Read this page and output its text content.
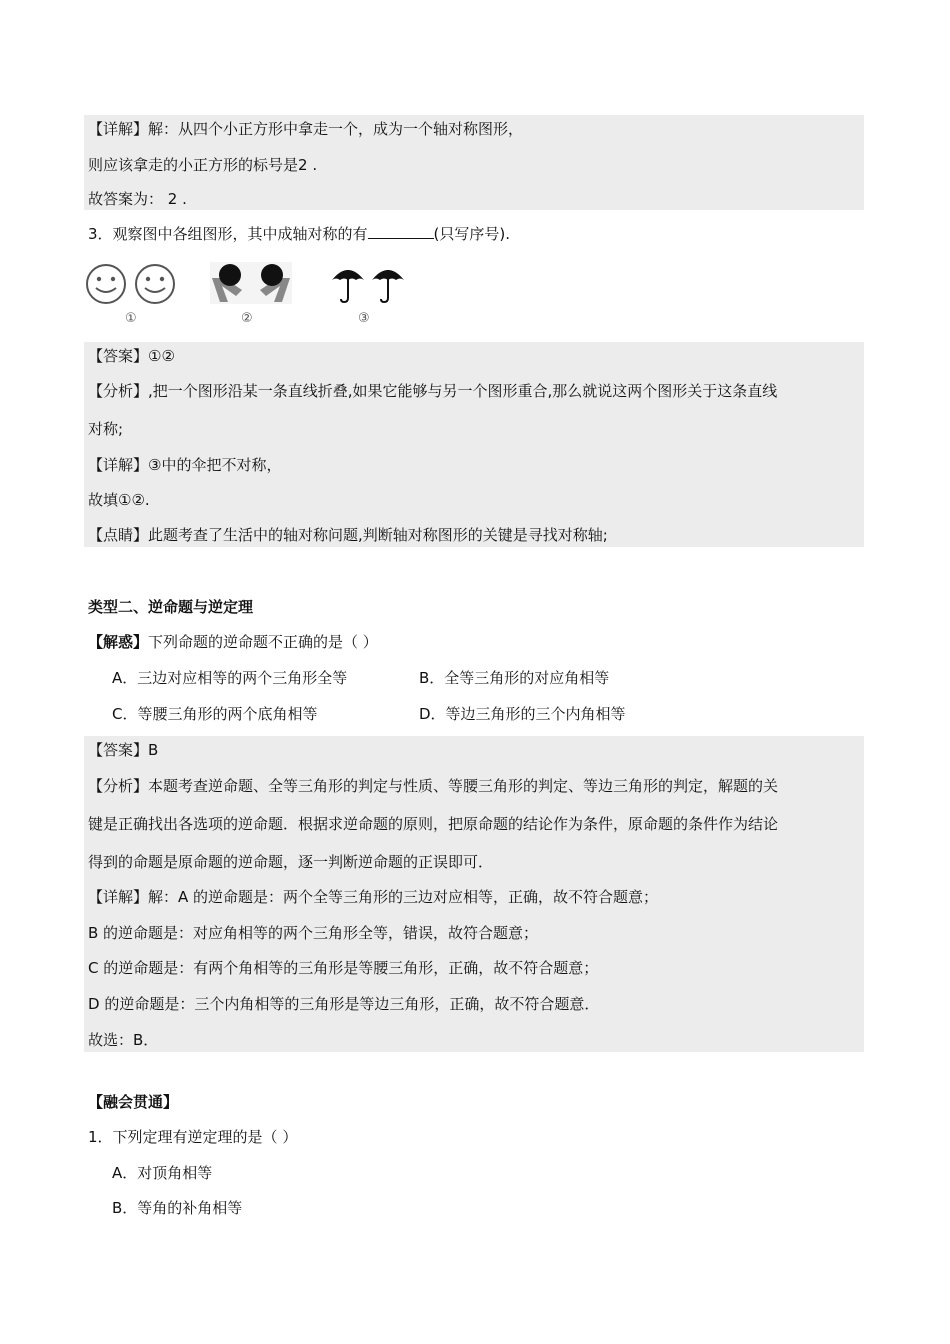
【详解】解：从四个小正方形中拿走一个，成为一个轴对称图形，
则应该拿走的小正方形的标号是2 .
故答案为： 2 .
3．观察图中各组图形，其中成轴对称的有	(只写序号).
①	②	③
【答案】①②
【分析】,把一个图形沿某一条直线折叠,如果它能够与另一个图形重合,那么就说这两个图形关于这条直线
对称;
【详解】③中的伞把不对称，
故填①②.
【点睛】此题考查了生活中的轴对称问题,判断轴对称图形的关键是寻找对称轴;
类型二、逆命题与逆定理
【解惑】下列命题的逆命题不正确的是（ ）
A．三边对应相等的两个三角形全等	B．全等三角形的对应角相等
C．等腰三角形的两个底角相等	D．等边三角形的三个内角相等
【答案】B
【分析】本题考查逆命题、全等三角形的判定与性质、等腰三角形的判定、等边三角形的判定，解题的关
键是正确找出各选项的逆命题．根据求逆命题的原则，把原命题的结论作为条件，原命题的条件作为结论
得到的命题是原命题的逆命题，逐一判断逆命题的正误即可．
【详解】解：A 的逆命题是：两个全等三角形的三边对应相等，正确，故不符合题意；
B 的逆命题是：对应角相等的两个三角形全等，错误，故符合题意；
C 的逆命题是：有两个角相等的三角形是等腰三角形，正确，故不符合题意；
D 的逆命题是：三个内角相等的三角形是等边三角形，正确，故不符合题意．
故选：B．
【融会贯通】
1．下列定理有逆定理的是（ ）
A．对顶角相等
B．等角的补角相等
